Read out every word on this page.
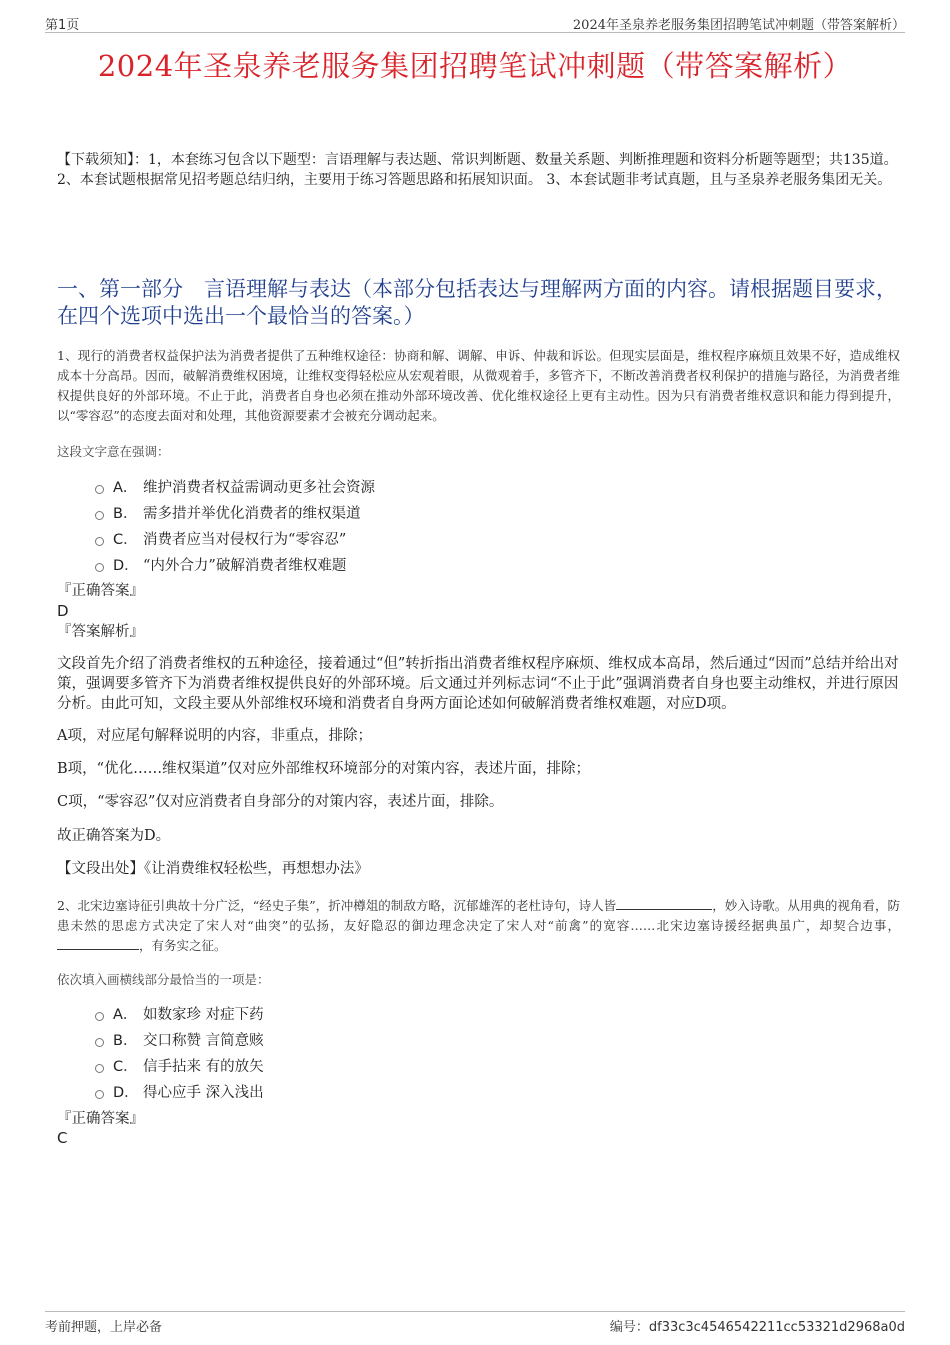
第1页	2024年圣泉养老服务集团招聘笔试冲刺题（带答案解析）
2024年圣泉养老服务集团招聘笔试冲刺题（带答案解析）
【下载须知】：1，本套练习包含以下题型：言语理解与表达题、常识判断题、数量关系题、判断推理题和资料分析题等题型；共135道。 2、本套试题根据常见招考题总结归纳，主要用于练习答题思路和拓展知识面。 3、本套试题非考试真题，且与圣泉养老服务集团无关。
一、第一部分　言语理解与表达（本部分包括表达与理解两方面的内容。请根据题目要求，在四个选项中选出一个最恰当的答案。）
1、现行的消费者权益保护法为消费者提供了五种维权途径：协商和解、调解、申诉、仲裁和诉讼。但现实层面是，维权程序麻烦且效果不好，造成维权成本十分高昂。因而，破解消费维权困境，让维权变得轻松应从宏观着眼，从微观着手，多管齐下，不断改善消费者权利保护的措施与路径，为消费者维权提供良好的外部环境。不止于此，消费者自身也必须在推动外部环境改善、优化维权途径上更有主动性。因为只有消费者维权意识和能力得到提升，以“零容忍”的态度去面对和处理，其他资源要素才会被充分调动起来。
这段文字意在强调：
A． 维护消费者权益需调动更多社会资源
B． 需多措并举优化消费者的维权渠道
C． 消费者应当对侵权行为“零容忍”
D． “内外合力”破解消费者维权难题
『正确答案』
D
『答案解析』
文段首先介绍了消费者维权的五种途径，接着通过“但”转折指出消费者维权程序麻烦、维权成本高昂，然后通过“因而”总结并给出对策，强调要多管齐下为消费者维权提供良好的外部环境。后文通过并列标志词“不止于此”强调消费者自身也要主动维权，并进行原因分析。由此可知，文段主要从外部维权环境和消费者自身两方面论述如何破解消费者维权难题，对应D项。
A项，对应尾句解释说明的内容，非重点，排除；
B项，“优化……维权渠道”仅对应外部维权环境部分的对策内容，表述片面，排除；
C项，“零容忍”仅对应消费者自身部分的对策内容，表述片面，排除。
故正确答案为D。
【文段出处】《让消费维权轻松些，再想想办法》
2、北宋边塞诗征引典故十分广泛，“经史子集”，折冲樽俎的制敌方略，沉郁雄浑的老杜诗句，诗人皆	，妙入诗歌。从用典的视角看，防患未然的思虑方式决定了宋人对“曲突”的弘扬，友好隐忍的御边理念决定了宋人对“前禽”的宽容……北宋边塞诗援经据典虽广，却契合边事，，有务实之征。
依次填入画横线部分最恰当的一项是：
A． 如数家珍 对症下药
B． 交口称赞 言简意赅
C． 信手拈来 有的放矢
D． 得心应手 深入浅出
『正确答案』
C
考前押题，上岸必备	编号：df33c3c4546542211cc53321d2968a0d
